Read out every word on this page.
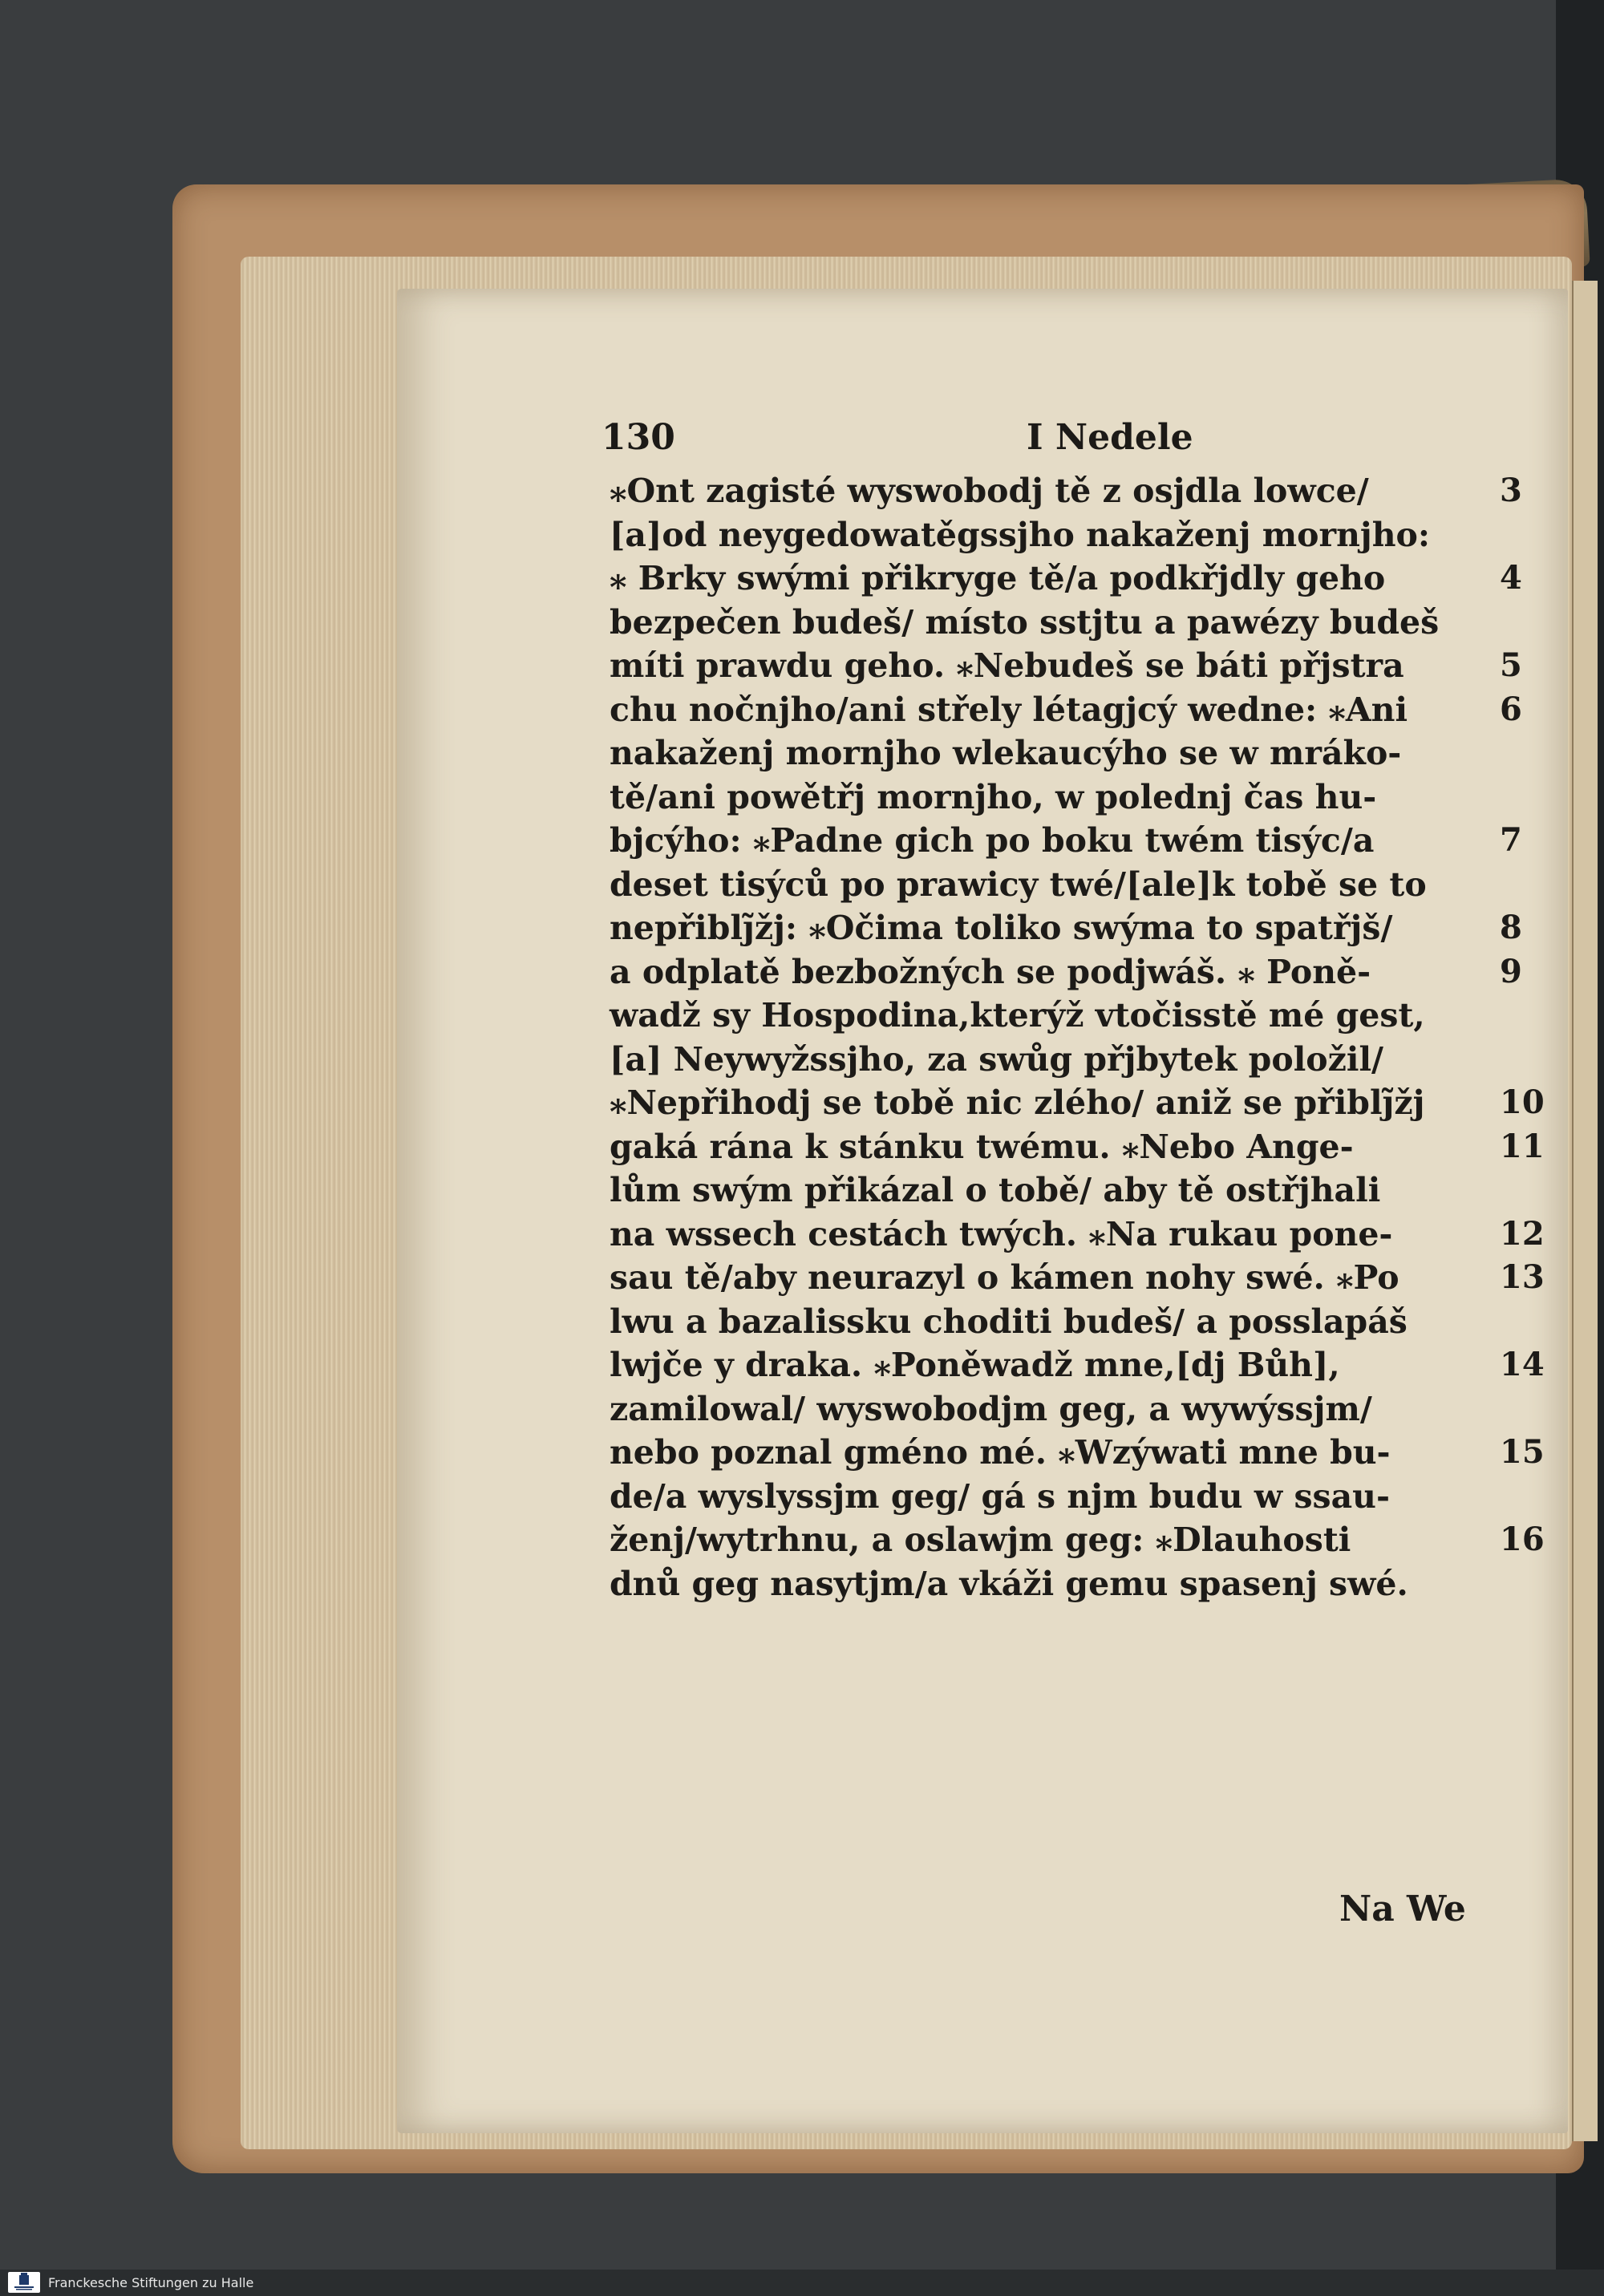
130	I Nedele
⁎Ont zagisté wyswobodj tě z osjdla lowce/	3
[a]od neygedowatěgssjho nakaženj mornjho:
⁎ Brky swými přikryge tě/a podkřjdly geho	4
bezpečen budeš/ místo sstjtu a pawézy budeš
míti prawdu geho. ⁎Nebudeš se báti přjstra	5
chu nočnjho/ani střely létagjcý wedne: ⁎Ani	6
nakaženj mornjho wlekaucýho se w mráko-
tě/ani powětřj mornjho, w polednj čas hu-
bjcýho: ⁎Padne gich po boku twém tisýc/a	7
deset tisýců po prawicy twé/[ale]k tobě se to
nepřiblj̃žj: ⁎Očima toliko swýma to spatřjš/	8
a odplatě bezbožných se podjwáš. ⁎ Poně-	9
wadž sy Hospodina,kterýž vtočisstě mé gest,
[a] Neywyžssjho, za swůg přjbytek položil/
⁎Nepřihodj se tobě nic zlého/ aniž se přiblj̃žj 10
gaká rána k stánku twému. ⁎Nebo Ange-	11
lům swým přikázal o tobě/ aby tě ostřjhali
na wssech cestách twých. ⁎Na rukau pone-	12
sau tě/aby neurazyl o kámen nohy swé. ⁎Po	13
lwu a bazalissku choditi budeš/ a posslapáš
lwjče y draka. ⁎Poněwadž mne,[dj Bůh],	14
zamilowal/ wyswobodjm geg, a wywýssjm/
nebo poznal gméno mé. ⁎Wzýwati mne bu-	15
de/a wyslyssjm geg/ gá s njm budu w ssau-
ženj/wytrhnu, a oslawjm geg: ⁎Dlauhosti	16
dnů geg nasytjm/a vkáži gemu spasenj swé.
Na We
Franckesche Stiftungen zu Halle
